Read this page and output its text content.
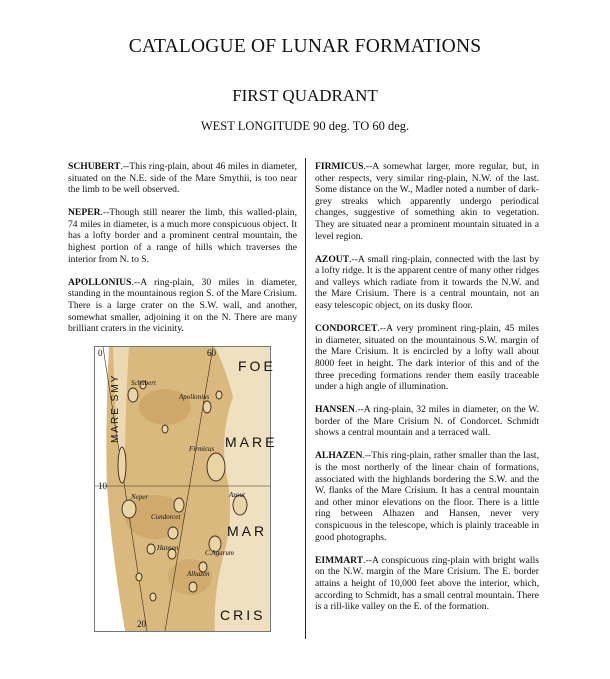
CATALOGUE OF LUNAR FORMATIONS
FIRST QUADRANT
WEST LONGITUDE 90 deg. TO 60 deg.

SCHUBERT.--This ring-plain, about 46 miles in diameter, situated on the N.E. side of the Mare Smythii, is too near the limb to be well observed.

NEPER.--Though still nearer the limb, this walled-plain, 74 miles in diameter, is a much more conspicuous object. It has a lofty border and a prominent central mountain, the highest portion of a range of hills which traverses the interior from N. to S.

APOLLONIUS.--A ring-plain, 30 miles in diameter, standing in the mountainous region S. of the Mare Crisium. There is a large crater on the S.W. wall, and another, somewhat smaller, adjoining it on the N. There are many brilliant craters in the vicinity.

FIRMICUS.--A somewhat larger, more regular, but, in other respects, very similar ring-plain, N.W. of the last. Some distance on the W., Madler noted a number of dark-grey streaks which apparently undergo periodical changes, suggestive of something akin to vegetation. They are situated near a prominent mountain situated in a level region.

AZOUT.--A small ring-plain, connected with the last by a lofty ridge. It is the apparent centre of many other ridges and valleys which radiate from it towards the N.W. and the Mare Crisium. There is a central mountain, not an easy telescopic object, on its dusky floor.

CONDORCET.--A very prominent ring-plain, 45 miles in diameter, situated on the mountainous S.W. margin of the Mare Crisium. It is encircled by a lofty wall about 8000 feet in height. The dark interior of this and of the three preceding formations render them easily traceable under a high angle of illumination.

HANSEN.--A ring-plain, 32 miles in diameter, on the W. border of the Mare Crisium N. of Condorcet. Schmidt shows a central mountain and a terraced wall.

ALHAZEN.--This ring-plain, rather smaller than the last, is the most northerly of the linear chain of formations, associated with the highlands bordering the S.W. and the W. flanks of the Mare Crisium. It has a central mountain and other minor elevations on the floor. There is a little ring between Alhazen and Hansen, never very conspicuous in the telescope, which is plainly traceable in good photographs.

EIMMART.--A conspicuous ring-plain with bright walls on the N.W. margin of the Mare Crisium. The E. border attains a height of 10,000 feet above the interior, which, according to Schmidt, has a small central mountain. There is a rill-like valley on the E. of the formation.

0	60
10
20
FOE
MARE
MAR
CRIS
MARE SMY Schubert
Apollonius
Firmicus
Neper
Condorcet
Azout
Hansen
C.Agarum
Alhazen
